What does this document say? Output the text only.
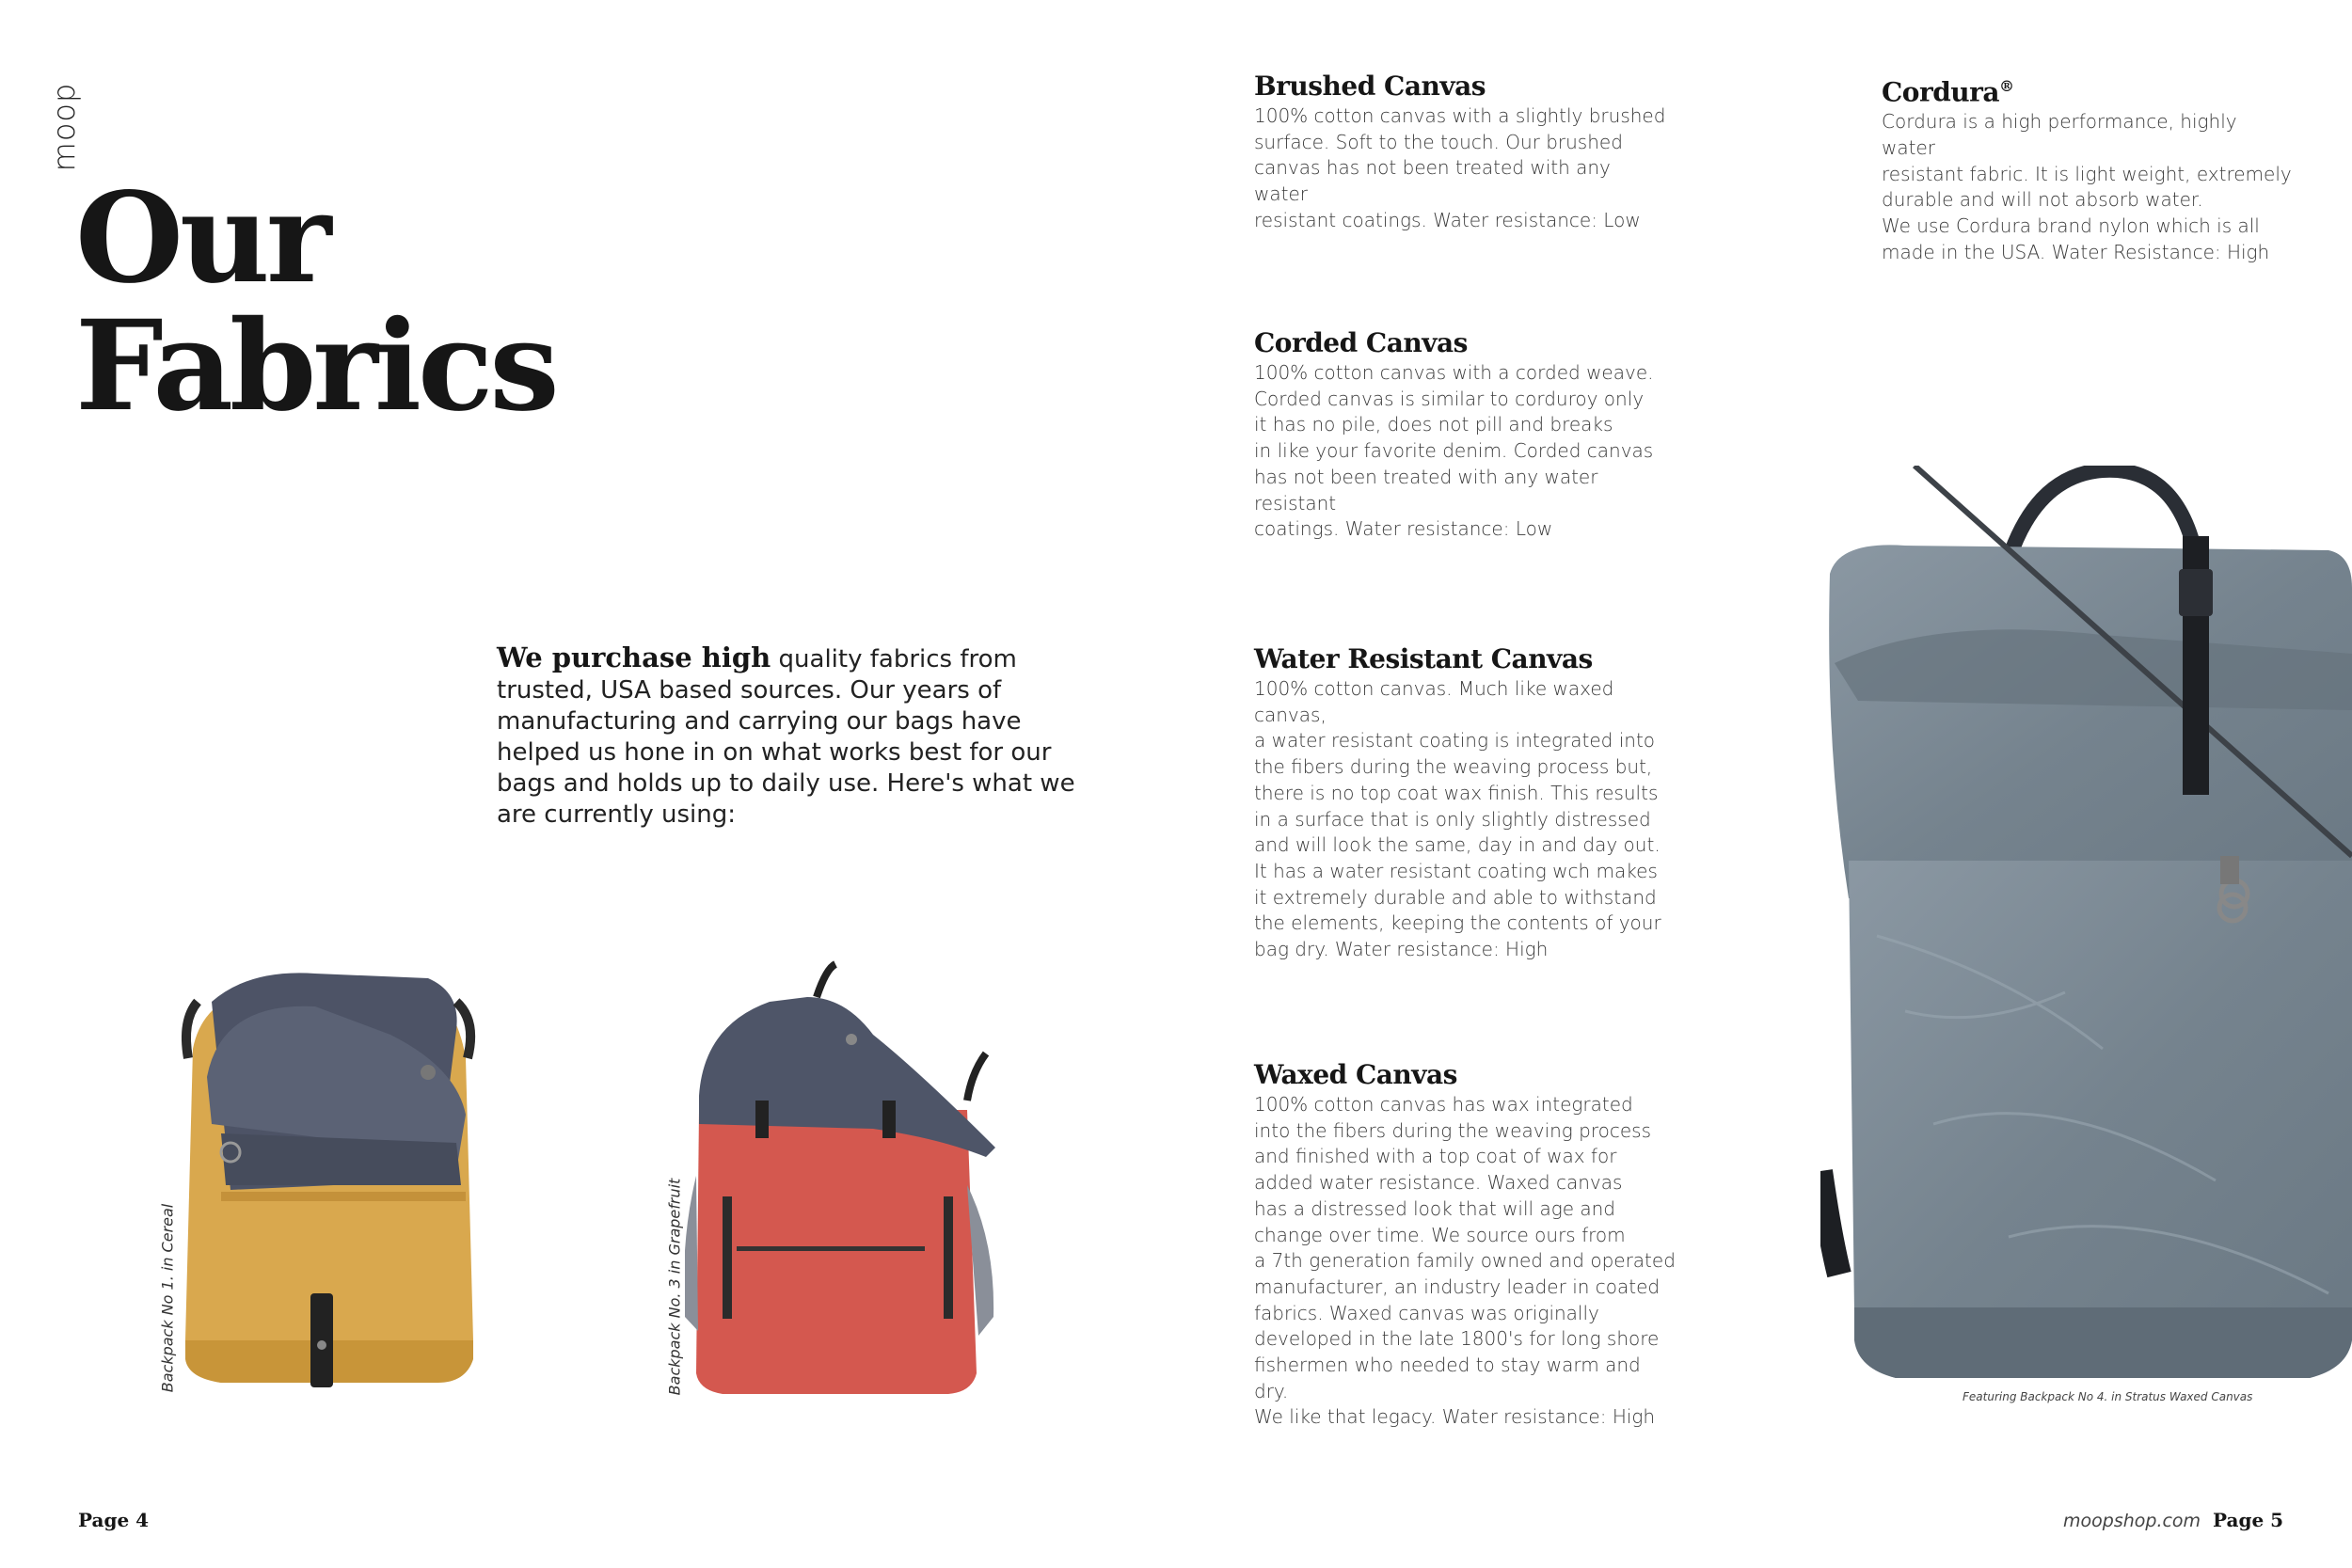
moop
Our
Fabrics
We purchase high quality fabrics from trusted, USA based sources. Our years of manufacturing and carrying our bags have helped us hone in on what works best for our bags and holds up to daily use. Here's what we are currently using:
Brushed Canvas

100% cotton canvas with a slightly brushed
surface. Soft to the touch. Our brushed
canvas has not been treated with any water
resistant coatings. Water resistance: Low

Corded Canvas

100% cotton canvas with a corded weave.
Corded canvas is similar to corduroy only
it has no pile, does not pill and breaks
in like your favorite denim. Corded canvas
has not been treated with any water resistant
coatings. Water resistance: Low

Water Resistant Canvas

100% cotton canvas. Much like waxed canvas,
a water resistant coating is integrated into
the fibers during the weaving process but,
there is no top coat wax finish. This results
in a surface that is only slightly distressed
and will look the same, day in and day out.
It has a water resistant coating wch makes
it extremely durable and able to withstand
the elements, keeping the contents of your
bag dry. Water resistance: High

Waxed Canvas

100% cotton canvas has wax integrated
into the fibers during the weaving process
and finished with a top coat of wax for
added water resistance. Waxed canvas
has a distressed look that will age and
change over time. We source ours from
a 7th generation family owned and operated
manufacturer, an industry leader in coated
fabrics. Waxed canvas was originally
developed in the late 1800's for long shore
fishermen who needed to stay warm and dry.
We like that legacy. Water resistance: High

Cordura®

Cordura is a high performance, highly water
resistant fabric. It is light weight, extremely
durable and will not absorb water.
We use Cordura brand nylon which is all
made in the USA. Water Resistance: High

Backpack No 1. in Cereal	Backpack No. 3 in Grapefruit
Featuring Backpack No 4. in Stratus Waxed Canvas
Page 4	moopshop.com Page 5
